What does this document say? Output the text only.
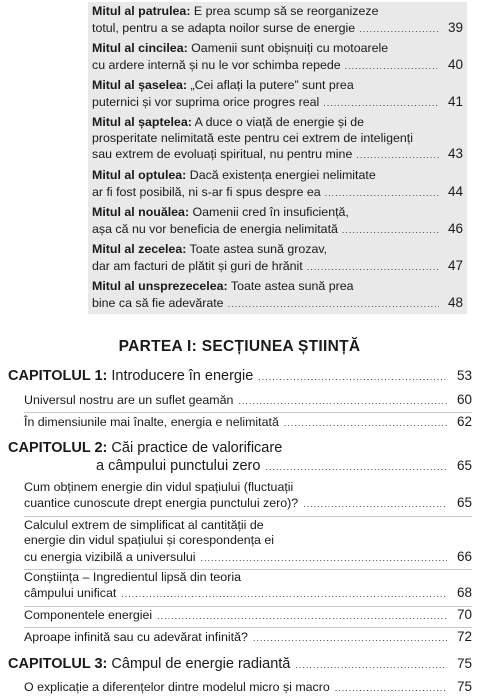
Mitul al patrulea: E prea scump să se reorganizeze
totul, pentru a se adapta noilor surse de energie .....	39
Mitul al cincilea: Oamenii sunt obișnuiți cu motoarele
cu ardere internă și nu le vor schimba repede .....	40
Mitul al șaselea: „Cei aflați la putere” sunt prea
puternici și vor suprima orice progres real .....	41
Mitul al șaptelea: A duce o viață de energie și de
prosperitate nelimitată este pentru cei extrem de inteligenți
sau extrem de evoluați spiritual, nu pentru mine .....	43
Mitul al optulea: Dacă existența energiei nelimitate
ar fi fost posibilă, ni s-ar fi spus despre ea .....	44
Mitul al nouălea: Oamenii cred în insuficiență,
așa că nu vor beneficia de energia nelimitată .....	46
Mitul al zecelea: Toate astea sună grozav,
dar am facturi de plătit și guri de hrănit .....	47
Mitul al unsprezecelea: Toate astea sună prea
bine ca să fie adevărate .....	48
PARTEA I: SECȚIUNEA ȘTIINȚĂ
CAPITOLUL 1: Introducere în energie .....	53
Universul nostru are un suflet geamăn .....	60
În dimensiunile mai înalte, energia e nelimitată .....	62
CAPITOLUL 2: Căi practice de valorificare
a câmpului punctului zero .....	65
Cum obținem energie din vidul spațiului (fluctuații
cuantice cunoscute drept energia punctului zero)? .....	65
Calculul extrem de simplificat al cantității de
energie din vidul spațiului și corespondența ei
cu energia vizibilă a universului .....	66
Conștiința – Ingredientul lipsă din teoria
câmpului unificat .....	68
Componentele energiei .....	70
Aproape infinită sau cu adevărat infinită? .....	72
CAPITOLUL 3: Câmpul de energie radiantă .....	75
O explicație a diferențelor dintre modelul micro și macro .....	75
